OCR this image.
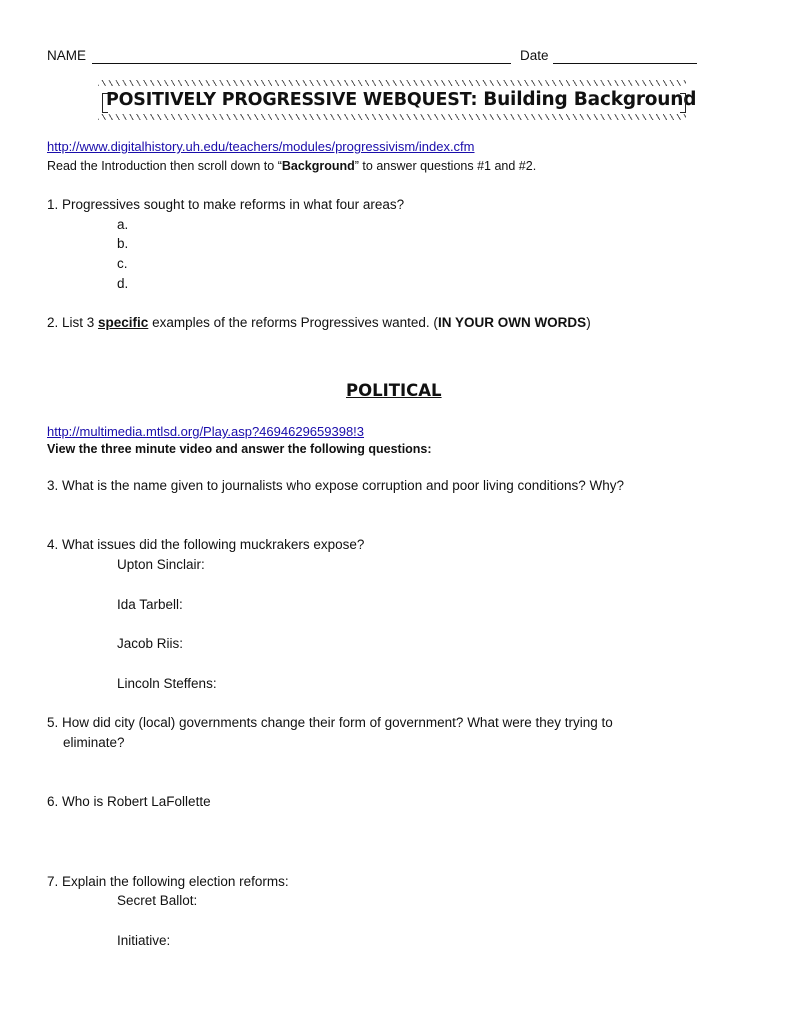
NAME	Date
POSITIVELY PROGRESSIVE WEBQUEST: Building Background
http://www.digitalhistory.uh.edu/teachers/modules/progressivism/index.cfm
Read the Introduction then scroll down to “Background” to answer questions #1 and #2.
1. Progressives sought to make reforms in what four areas?
a.
b.
c.
d.
2. List 3 specific examples of the reforms Progressives wanted. (IN YOUR OWN WORDS)
POLITICAL
http://multimedia.mtlsd.org/Play.asp?4694629659398!3
View the three minute video and answer the following questions:
3. What is the name given to journalists who expose corruption and poor living conditions? Why?
4. What issues did the following muckrakers expose?
Upton Sinclair:
Ida Tarbell:
Jacob Riis:
Lincoln Steffens:
5. How did city (local) governments change their form of government? What were they trying to
eliminate?
6. Who is Robert LaFollette
7. Explain the following election reforms:
Secret Ballot:
Initiative:
